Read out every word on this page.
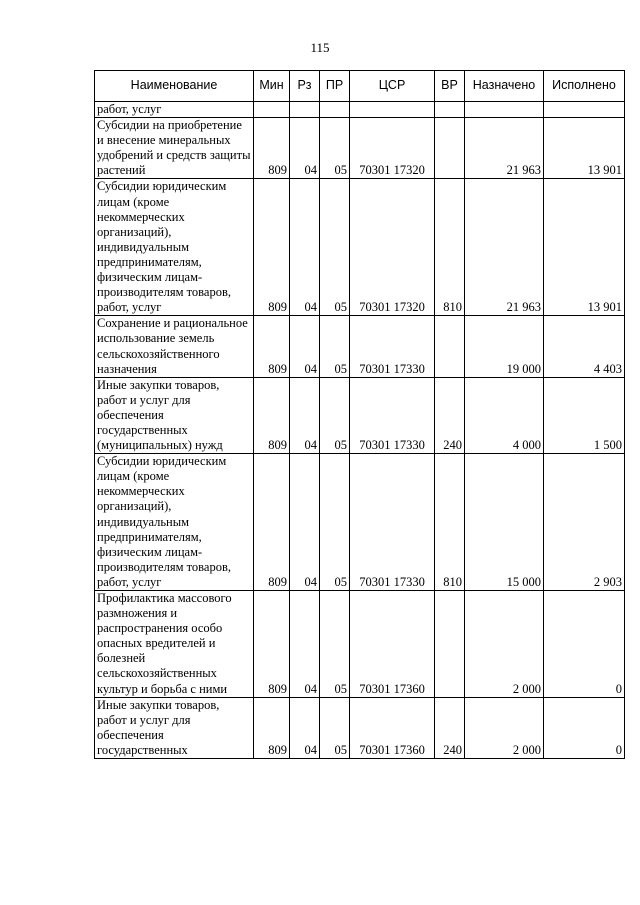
115
Наименование	Мин	Рз	ПР	ЦСР	ВР	Назначено	Исполнено
работ, услуг							
Субсидии на приобретение и внесение минеральных удобрений и средств защиты растений	809	04	05	70301 17320		21 963	13 901
Субсидии юридическим лицам (кроме некоммерческих организаций), индивидуальным предпринимателям, физическим лицам-производителям товаров, работ, услуг	809	04	05	70301 17320	810	21 963	13 901
Сохранение и рациональное использование земель сельскохозяйственного назначения	809	04	05	70301 17330		19 000	4 403
Иные закупки товаров, работ и услуг для обеспечения государственных (муниципальных) нужд	809	04	05	70301 17330	240	4 000	1 500
Субсидии юридическим лицам (кроме некоммерческих организаций), индивидуальным предпринимателям, физическим лицам-производителям товаров, работ, услуг	809	04	05	70301 17330	810	15 000	2 903
Профилактика массового размножения и распространения особо опасных вредителей и болезней сельскохозяйственных культур и борьба с ними	809	04	05	70301 17360		2 000	0
Иные закупки товаров, работ и услуг для обеспечения государственных	809	04	05	70301 17360	240	2 000	0
